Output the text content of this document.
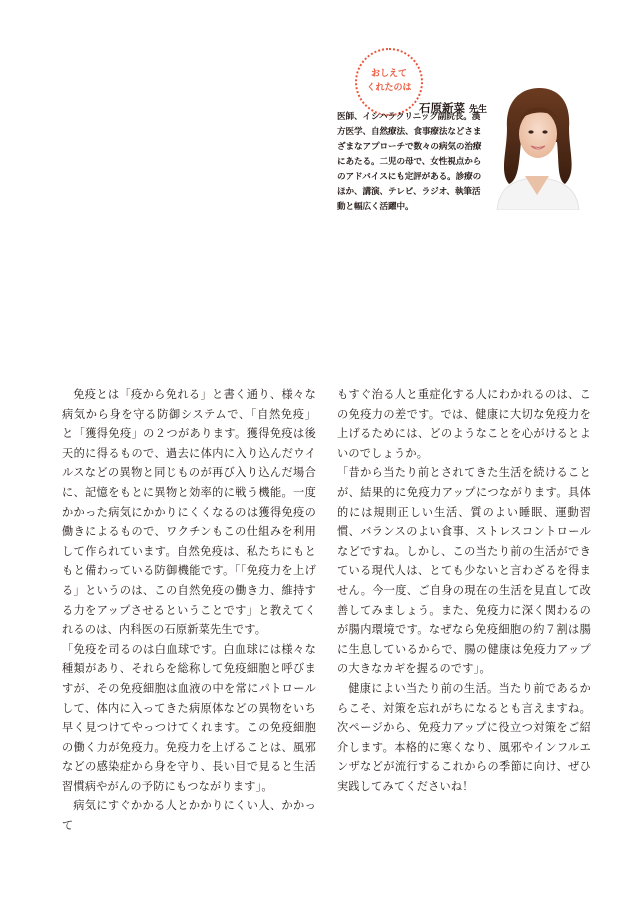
おしえて
くれたのは
石原新菜 先生
医師、イシハラクリニック副院長。漢方医学、自然療法、食事療法などさまざまなアプローチで数々の病気の治療にあたる。二児の母で、女性視点からのアドバイスにも定評がある。診療のほか、講演、テレビ、ラジオ、執筆活動と幅広く活躍中。

免疫とは「疫から免れる」と書く通り、様々な病気から身を守る防御システムで、「自然免疫」と「獲得免疫」の２つがあります。獲得免疫は後天的に得るもので、過去に体内に入り込んだウイルスなどの異物と同じものが再び入り込んだ場合に、記憶をもとに異物と効率的に戦う機能。一度かかった病気にかかりにくくなるのは獲得免疫の働きによるもので、ワクチンもこの仕組みを利用して作られています。自然免疫は、私たちにもともと備わっている防御機能です。「「免疫力を上げる」というのは、この自然免疫の働き力、維持する力をアップさせるということです」と教えてくれるのは、内科医の石原新菜先生です。

「免疫を司るのは白血球です。白血球には様々な種類があり、それらを総称して免疫細胞と呼びますが、その免疫細胞は血液の中を常にパトロールして、体内に入ってきた病原体などの異物をいち早く見つけてやっつけてくれます。この免疫細胞の働く力が免疫力。免疫力を上げることは、風邪などの感染症から身を守り、長い目で見ると生活習慣病やがんの予防にもつながります」。

病気にすぐかかる人とかかりにくい人、かかって

もすぐ治る人と重症化する人にわかれるのは、この免疫力の差です。では、健康に大切な免疫力を上げるためには、どのようなことを心がけるとよいのでしょうか。

「昔から当たり前とされてきた生活を続けることが、結果的に免疫力アップにつながります。具体的には規則正しい生活、質のよい睡眠、運動習慣、バランスのよい食事、ストレスコントロールなどですね。しかし、この当たり前の生活ができている現代人は、とても少ないと言わざるを得ません。今一度、ご自身の現在の生活を見直して改善してみましょう。また、免疫力に深く関わるのが腸内環境です。なぜなら免疫細胞の約７割は腸に生息しているからで、腸の健康は免疫力アップの大きなカギを握るのです」。

健康によい当たり前の生活。当たり前であるからこそ、対策を忘れがちになるとも言えますね。次ページから、免疫力アップに役立つ対策をご紹介します。本格的に寒くなり、風邪やインフルエンザなどが流行するこれからの季節に向け、ぜひ実践してみてくださいね！
